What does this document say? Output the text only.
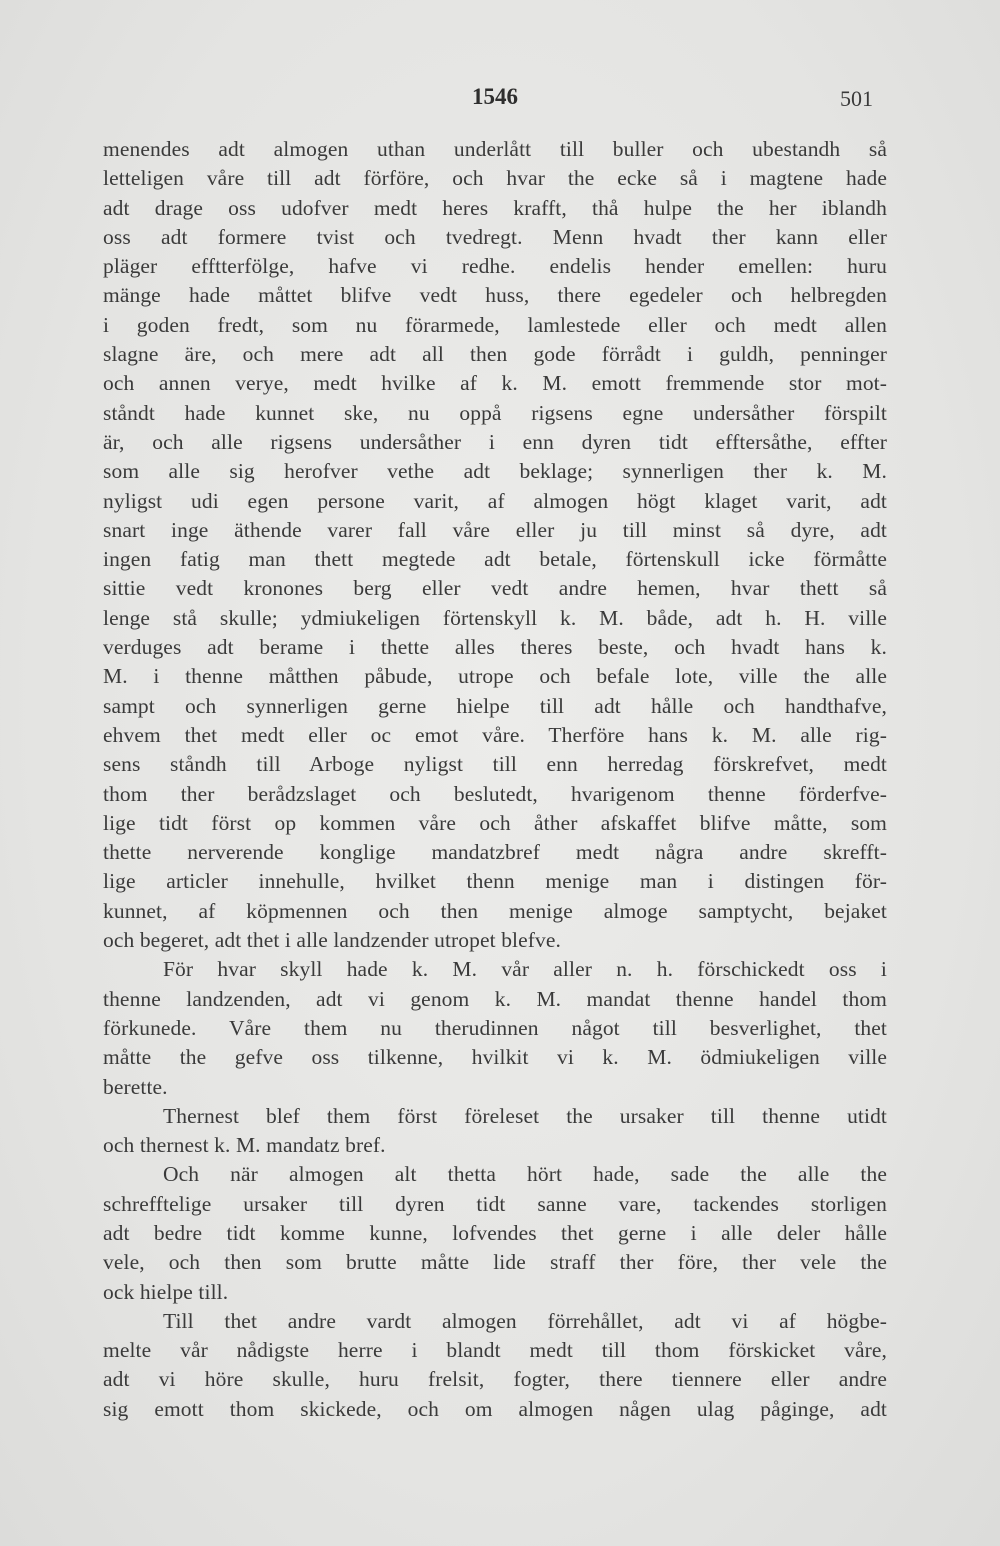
1546	501
menendes adt almogen uthan underlått till buller och ubestandh så
letteligen våre till adt förföre, och hvar the ecke så i magtene hade
adt drage oss udofver medt heres krafft, thå hulpe the her iblandh
oss adt formere tvist och tvedregt. Menn hvadt ther kann eller
pläger efftterfölge, hafve vi redhe. endelis hender emellen: huru
mänge hade måttet blifve vedt huss, there egedeler och helbregden
i goden fredt, som nu förarmede, lamlestede eller och medt allen
slagne äre, och mere adt all then gode förrådt i guldh, penninger
och annen verye, medt hvilke af k. M. emott fremmende stor mot-
ståndt hade kunnet ske, nu oppå rigsens egne undersåther förspilt
är, och alle rigsens undersåther i enn dyren tidt efftersåthe, effter
som alle sig herofver vethe adt beklage; synnerligen ther k. M.
nyligst udi egen persone varit, af almogen högt klaget varit, adt
snart inge äthende varer fall våre eller ju till minst så dyre, adt
ingen fatig man thett megtede adt betale, förtenskull icke förmåtte
sittie vedt kronones berg eller vedt andre hemen, hvar thett så
lenge stå skulle; ydmiukeligen förtenskyll k. M. både, adt h. H. ville
verduges adt berame i thette alles theres beste, och hvadt hans k.
M. i thenne måtthen påbude, utrope och befale lote, ville the alle
sampt och synnerligen gerne hielpe till adt hålle och handthafve,
ehvem thet medt eller oc emot våre. Therföre hans k. M. alle rig-
sens ståndh till Arboge nyligst till enn herredag förskrefvet, medt
thom ther berådzslaget och beslutedt, hvarigenom thenne förderfve-
lige tidt först op kommen våre och åther afskaffet blifve måtte, som
thette nerverende konglige mandatzbref medt några andre skrefft-
lige articler innehulle, hvilket thenn menige man i distingen för-
kunnet, af köpmennen och then menige almoge samptycht, bejaket
och begeret, adt thet i alle landzender utropet blefve.
För hvar skyll hade k. M. vår aller n. h. förschickedt oss i
thenne landzenden, adt vi genom k. M. mandat thenne handel thom
förkunede. Våre them nu therudinnen något till besverlighet, thet
måtte the gefve oss tilkenne, hvilkit vi k. M. ödmiukeligen ville
berette.
Thernest blef them först föreleset the ursaker till thenne utidt
och thernest k. M. mandatz bref.
Och när almogen alt thetta hört hade, sade the alle the
schrefftelige ursaker till dyren tidt sanne vare, tackendes storligen
adt bedre tidt komme kunne, lofvendes thet gerne i alle deler hålle
vele, och then som brutte måtte lide straff ther före, ther vele the
ock hielpe till.
Till thet andre vardt almogen förrehållet, adt vi af högbe-
melte vår nådigste herre i blandt medt till thom förskicket våre,
adt vi höre skulle, huru frelsit, fogter, there tiennere eller andre
sig emott thom skickede, och om almogen någen ulag påginge, adt
